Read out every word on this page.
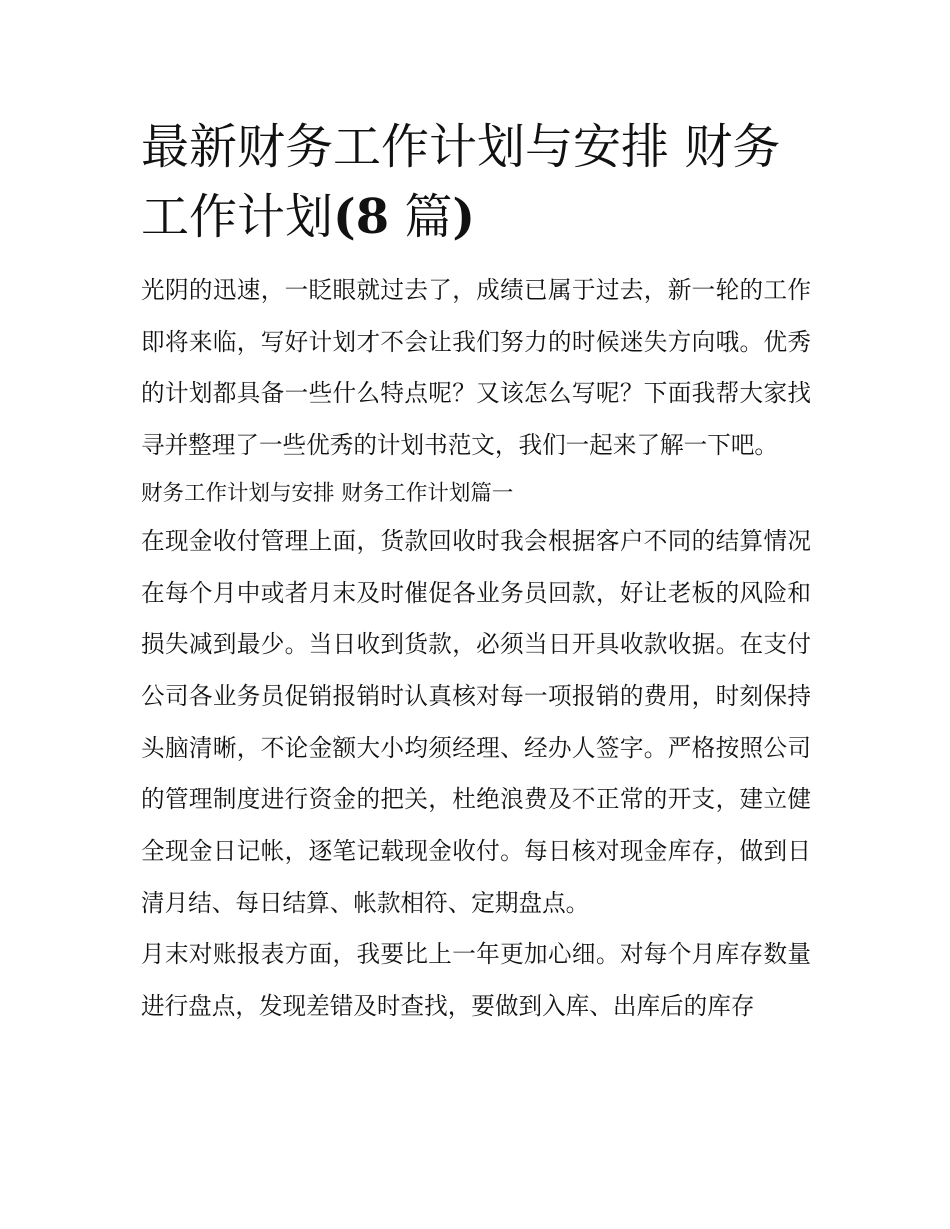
最新财务工作计划与安排 财务
工作计划(8 篇)

光阴的迅速，一眨眼就过去了，成绩已属于过去，新一轮的工作即将来临，写好计划才不会让我们努力的时候迷失方向哦。优秀的计划都具备一些什么特点呢？又该怎么写呢？下面我帮大家找寻并整理了一些优秀的计划书范文，我们一起来了解一下吧。

财务工作计划与安排 财务工作计划篇一

在现金收付管理上面，货款回收时我会根据客户不同的结算情况在每个月中或者月末及时催促各业务员回款，好让老板的风险和损失减到最少。当日收到货款，必须当日开具收款收据。在支付公司各业务员促销报销时认真核对每一项报销的费用，时刻保持头脑清晰，不论金额大小均须经理、经办人签字。严格按照公司的管理制度进行资金的把关，杜绝浪费及不正常的开支，建立健全现金日记帐，逐笔记载现金收付。每日核对现金库存，做到日清月结、每日结算、帐款相符、定期盘点。

月末对账报表方面，我要比上一年更加心细。对每个月库存数量进行盘点，发现差错及时查找，要做到入库、出库后的库存
